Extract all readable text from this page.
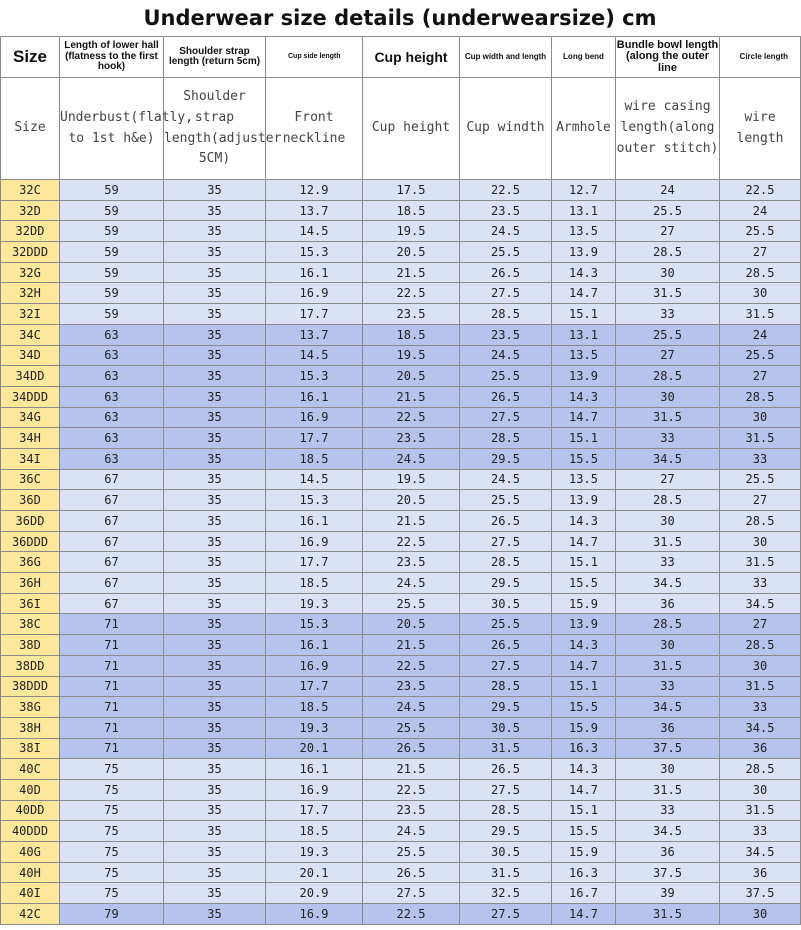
Underwear size details (underwearsize) cm
Size	Length of lower hall (flatness to the first hook)	Shoulder strap length (return 5cm)	Cup side length	Cup height	Cup width and length	Long bend	Bundle bowl length (along the outer line	Circle length
Size	Underbust(flatly, to 1st h&e)	Shoulder strap length(adjuster 5CM)	Front neckline	Cup height	Cup windth	Armhole	wire casing length(along outer stitch)	wire length
32C	59	35	12.9	17.5	22.5	12.7	24	22.5
32D	59	35	13.7	18.5	23.5	13.1	25.5	24
32DD	59	35	14.5	19.5	24.5	13.5	27	25.5
32DDD	59	35	15.3	20.5	25.5	13.9	28.5	27
32G	59	35	16.1	21.5	26.5	14.3	30	28.5
32H	59	35	16.9	22.5	27.5	14.7	31.5	30
32I	59	35	17.7	23.5	28.5	15.1	33	31.5
34C	63	35	13.7	18.5	23.5	13.1	25.5	24
34D	63	35	14.5	19.5	24.5	13.5	27	25.5
34DD	63	35	15.3	20.5	25.5	13.9	28.5	27
34DDD	63	35	16.1	21.5	26.5	14.3	30	28.5
34G	63	35	16.9	22.5	27.5	14.7	31.5	30
34H	63	35	17.7	23.5	28.5	15.1	33	31.5
34I	63	35	18.5	24.5	29.5	15.5	34.5	33
36C	67	35	14.5	19.5	24.5	13.5	27	25.5
36D	67	35	15.3	20.5	25.5	13.9	28.5	27
36DD	67	35	16.1	21.5	26.5	14.3	30	28.5
36DDD	67	35	16.9	22.5	27.5	14.7	31.5	30
36G	67	35	17.7	23.5	28.5	15.1	33	31.5
36H	67	35	18.5	24.5	29.5	15.5	34.5	33
36I	67	35	19.3	25.5	30.5	15.9	36	34.5
38C	71	35	15.3	20.5	25.5	13.9	28.5	27
38D	71	35	16.1	21.5	26.5	14.3	30	28.5
38DD	71	35	16.9	22.5	27.5	14.7	31.5	30
38DDD	71	35	17.7	23.5	28.5	15.1	33	31.5
38G	71	35	18.5	24.5	29.5	15.5	34.5	33
38H	71	35	19.3	25.5	30.5	15.9	36	34.5
38I	71	35	20.1	26.5	31.5	16.3	37.5	36
40C	75	35	16.1	21.5	26.5	14.3	30	28.5
40D	75	35	16.9	22.5	27.5	14.7	31.5	30
40DD	75	35	17.7	23.5	28.5	15.1	33	31.5
40DDD	75	35	18.5	24.5	29.5	15.5	34.5	33
40G	75	35	19.3	25.5	30.5	15.9	36	34.5
40H	75	35	20.1	26.5	31.5	16.3	37.5	36
40I	75	35	20.9	27.5	32.5	16.7	39	37.5
42C	79	35	16.9	22.5	27.5	14.7	31.5	30
